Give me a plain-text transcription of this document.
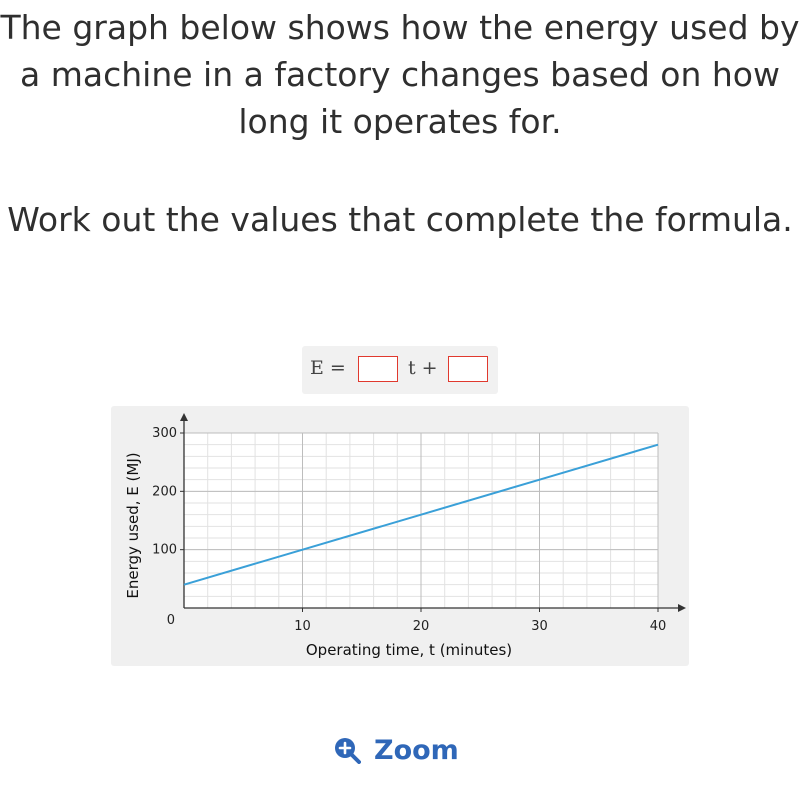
The graph below shows how the energy used by a machine in a factory changes based on how long it operates for.
Work out the values that complete the formula.
E =	t +
10	20	30	40
100
200
300
0
Operating time, t (minutes)
Energy used, E (MJ)
Zoom
